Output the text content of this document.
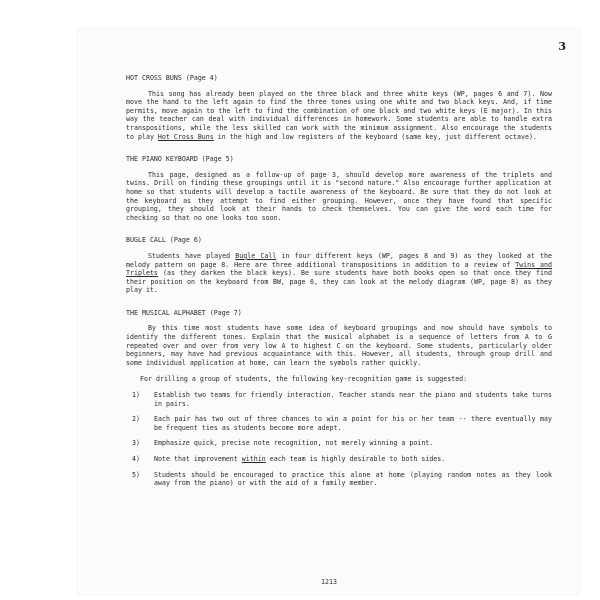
3
HOT CROSS BUNS (Page 4)

This song has already been played on the three black and three white keys (WP, pages 6 and 7). Now move the hand to the left again to find the three tones using one white and two black keys. And, if time permits, move again to the left to find the combination of one black and two white keys (E major). In this way the teacher can deal with individual differences in homework. Some students are able to handle extra transpositions, while the less skilled can work with the minimum assignment. Also encourage the students to play Hot Cross Buns in the high and low registers of the keyboard (same key, just different octave).

THE PIANO KEYBOARD (Page 5)

This page, designed as a follow-up of page 3, should develop more awareness of the triplets and twins. Drill on finding these groupings until it is "second nature." Also encourage further application at home so that students will develop a tactile awareness of the keyboard. Be sure that they do not look at the keyboard as they attempt to find either grouping. However, once they have found that specific grouping, they should look at their hands to check themselves. You can give the word each time for checking so that no one looks too soon.

BUGLE CALL (Page 6)

Students have played Bugle Call in four different keys (WP, pages 8 and 9) as they looked at the melody pattern on page 8. Here are three additional transpositions in addition to a review of Twins and Triplets (as they darken the black keys). Be sure students have both books open so that once they find their position on the keyboard from BW, page 6, they can look at the melody diagram (WP, page 8) as they play it.

THE MUSICAL ALPHABET (Page 7)

By this time most students have some idea of keyboard groupings and now should have symbols to identify the different tones. Explain that the musical alphabet is a sequence of letters from A to G repeated over and over from very low A to highest C on the keyboard. Some students, particularly older beginners, may have had previous acquaintance with this. However, all students, through group drill and some individual application at home, can learn the symbols rather quickly.

For drilling a group of students, the following key-recognition game is suggested:

1) Establish two teams for friendly interaction. Teacher stands near the piano and students take turns in pairs.
2) Each pair has two out of three chances to win a point for his or her team -- there eventually may be frequent ties as students become more adept.
3) Emphasize quick, precise note recognition, not merely winning a point.
4) Note that improvement within each team is highly desirable to both sides.
5) Students should be encouraged to practice this alone at home (playing random notes as they look away from the piano) or with the aid of a family member.
1213
